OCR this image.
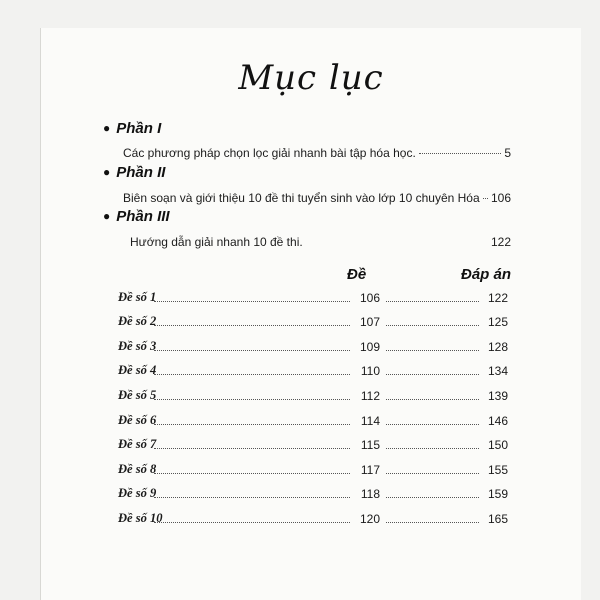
Mục lục
● Phần I
Các phương pháp chọn lọc giải nhanh bài tập hóa học.	5
● Phần II
Biên soạn và giới thiệu 10 đề thi tuyển sinh vào lớp 10 chuyên Hóa 106
● Phần III
Hướng dẫn giải nhanh 10 đề thi.	122
Đề	Đáp án
Đề số 1	106	122
Đề số 2	107	125
Đề số 3	109	128
Đề số 4	110	134
Đề số 5	112	139
Đề số 6	114	146
Đề số 7	115	150
Đề số 8	117	155
Đề số 9	118	159
Đề số 10	120	165
